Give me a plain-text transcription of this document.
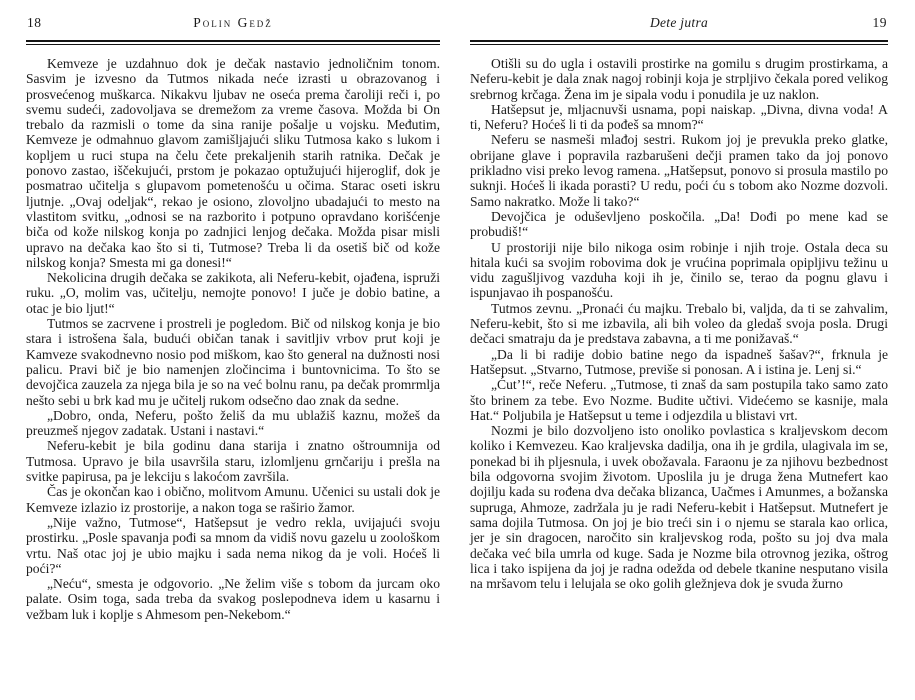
18	Polin Gedž

Kemveze je uzdahnuo dok je dečak nastavio jednoličnim tonom. Sasvim je izvesno da Tutmos nikada neće izrasti u obrazovanog i prosvećenog muškarca. Nikakvu ljubav ne oseća prema čaroliji reči i, po svemu sudeći, zadovoljava se dremežom za vreme časova. Možda bi On trebalo da razmisli o tome da sina ranije pošalje u vojsku. Međutim, Kemveze je odmahnuo glavom zamišljajući sliku Tutmosa kako s lukom i kopljem u ruci stupa na čelu čete prekaljenih starih ratnika. Dečak je ponovo zastao, iščekujući, prstom je pokazao optužujući hijeroglif, dok je posmatrao učitelja s glupavom pometenošću u očima. Starac oseti iskru ljutnje. „Ovaj odeljak“, rekao je osiono, zlovoljno ubadajući to mesto na vlastitom svitku, „odnosi se na razborito i potpuno opravdano korišćenje biča od kože nilskog konja po zadnjici lenjog dečaka. Možda pisar misli upravo na dečaka kao što si ti, Tutmose? Treba li da osetiš bič od kože nilskog konja? Smesta mi ga donesi!“

Nekolicina drugih dečaka se zakikota, ali Neferu-kebit, ojađena, ispruži ruku. „O, molim vas, učitelju, nemojte ponovo! I juče je dobio batine, a otac je bio ljut!“

Tutmos se zacrvene i prostreli je pogledom. Bič od nilskog konja je bio stara i istrošena šala, budući običan tanak i savitljiv vrbov prut koji je Kamveze svakodnevno nosio pod miškom, kao što general na dužnosti nosi palicu. Pravi bič je bio namenjen zločincima i buntovnicima. To što se devojčica zauzela za njega bila je so na već bolnu ranu, pa dečak promrmlja nešto sebi u brk kad mu je učitelj rukom odsečno dao znak da sedne.

„Dobro, onda, Neferu, pošto želiš da mu ublažiš kaznu, možeš da preuzmeš njegov zadatak. Ustani i nastavi.“

Neferu-kebit je bila godinu dana starija i znatno oštroumnija od Tutmosa. Upravo je bila usavršila staru, izlomljenu grnčariju i prešla na svitke papirusa, pa je lekciju s lakoćom završila.

Čas je okončan kao i obično, molitvom Amunu. Učenici su ustali dok je Kemveze izlazio iz prostorije, a nakon toga se raširio žamor.

„Nije važno, Tutmose“, Hatšepsut je vedro rekla, uvijajući svoju prostirku. „Posle spavanja pođi sa mnom da vidiš novu gazelu u zoološkom vrtu. Naš otac joj je ubio majku i sada nema nikog da je voli. Hoćeš li poći?“

„Neću“, smesta je odgovorio. „Ne želim više s tobom da jurcam oko palate. Osim toga, sada treba da svakog poslepodneva idem u kasarnu i vežbam luk i koplje s Ahmesom pen-Nekebom.“

Dete jutra	19

Otišli su do ugla i ostavili prostirke na gomilu s drugim prostirkama, a Neferu-kebit je dala znak nagoj robinji koja je strpljivo čekala pored velikog srebrnog krčaga. Žena im je sipala vodu i ponudila je uz naklon.

Hatšepsut je, mljacnuvši usnama, popi naiskap. „Divna, divna voda! A ti, Neferu? Hoćeš li ti da pođeš sa mnom?“

Neferu se nasmeši mlađoj sestri. Rukom joj je prevukla preko glatke, obrijane glave i popravila razbarušeni dečji pramen tako da joj ponovo prikladno visi preko levog ramena. „Hatšepsut, ponovo si prosula mastilo po suknji. Hoćeš li ikada porasti? U redu, poći ću s tobom ako Nozme dozvoli. Samo nakratko. Može li tako?“

Devojčica je oduševljeno poskočila. „Da! Dođi po mene kad se probudiš!“

U prostoriji nije bilo nikoga osim robinje i njih troje. Ostala deca su hitala kući sa svojim robovima dok je vrućina poprimala opipljivu težinu u vidu zagušljivog vazduha koji ih je, činilo se, terao da pognu glavu i ispunjavao ih pospanošću.

Tutmos zevnu. „Pronaći ću majku. Trebalo bi, valjda, da ti se zahvalim, Neferu-kebit, što si me izbavila, ali bih voleo da gledaš svoja posla. Drugi dečaci smatraju da je predstava zabavna, a ti me ponižavaš.“

„Da li bi radije dobio batine nego da ispadneš šašav?“, frknula je Hatšepsut. „Stvarno, Tutmose, previše si ponosan. A i istina je. Lenj si.“

„Ćut’!“, reče Neferu. „Tutmose, ti znaš da sam postupila tako samo zato što brinem za tebe. Evo Nozme. Budite učtivi. Videćemo se kasnije, mala Hat.“ Poljubila je Hatšepsut u teme i odjezdila u blistavi vrt.

Nozmi je bilo dozvoljeno isto onoliko povlastica s kraljevskom decom koliko i Kemvezeu. Kao kraljevska dadilja, ona ih je grdila, ulagivala im se, ponekad bi ih pljesnula, i uvek obožavala. Faraonu je za njihovu bezbednost bila odgovorna svojim životom. Uposlila ju je druga žena Mutnefert kao dojilju kada su rođena dva dečaka blizanca, Uačmes i Amunmes, a božanska supruga, Ahmoze, zadržala ju je radi Neferu-kebit i Hatšepsut. Mutnefert je sama dojila Tutmosa. On joj je bio treći sin i o njemu se starala kao orlica, jer je sin dragocen, naročito sin kraljevskog roda, pošto su joj dva mala dečaka već bila umrla od kuge. Sada je Nozme bila otrovnog jezika, oštrog lica i tako ispijena da joj je radna odežda od debele tkanine nesputano visila na mršavom telu i lelujala se oko golih gležnjeva dok je svuda žurno
